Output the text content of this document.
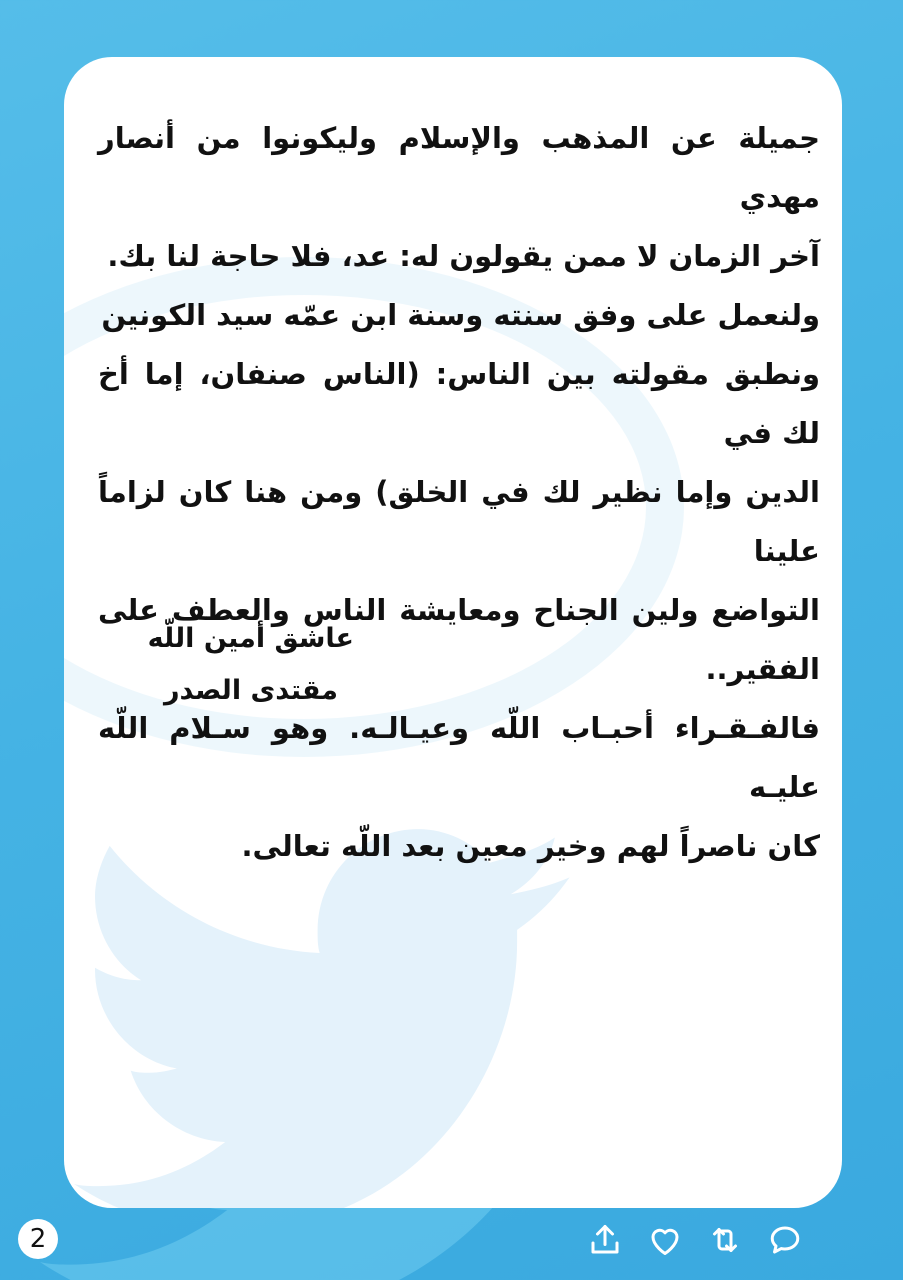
جميلة عن المذهب والإسلام وليكونوا من أنصار مهدي
آخر الزمان لا ممن يقولون له: عد، فلا حاجة لنا بك.
ولنعمل على وفق سنته وسنة ابن عمّه سيد الكونين
ونطبق مقولته بين الناس: (الناس صنفان، إما أخ لك في
الدين وإما نظير لك في الخلق) ومن هنا كان لزاماً علينا
التواضع ولين الجناح ومعايشة الناس والعطف على الفقير..
فالفـقـراء أحبـاب اللّه وعيـالـه. وهو سـلام اللّه عليـه
كان ناصراً لهم وخير معين بعد اللّه تعالى.
عاشق أمين اللّه
مقتدى الصدر
2
